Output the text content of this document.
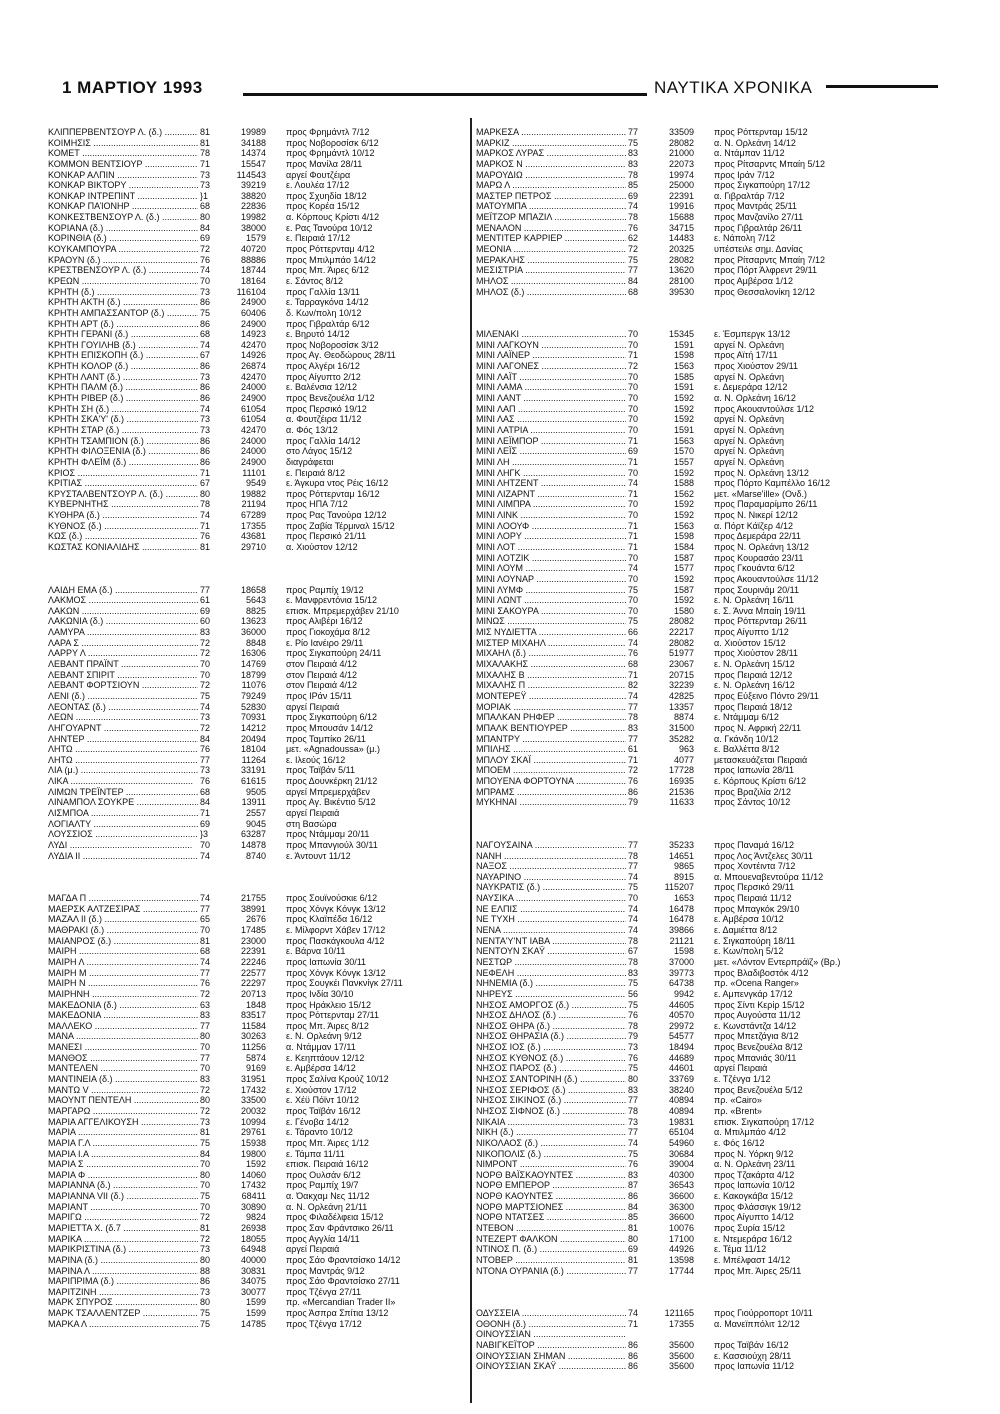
1 ΜΑΡΤΙΟΥ 1993	ΝΑΥΤΙΚΑ ΧΡΟΝΙΚΑ
ΚΛΙΠΠΕΡΒΕΝΤΣΟΥΡ Λ. (δ.) .....	81	19989 προς Φρημάντλ 7/12
ΚΟΙΜΗΣΙΣ .....	81	34188 προς Νοβοροσίσκ 6/12
ΚΟΜΕΤ .....	78	14374 προς Φρημάντλ 10/12
ΚΟΜΜΟΝ ΒΕΝΤΣΙΟΥΡ .....	71	15547 προς Μανίλα 28/11
ΚΟΝΚΑΡ ΑΛΠΙΝ .....	73	114543 αργεί Φουτζέιρα
ΚΟΝΚΑΡ ΒΙΚΤΟΡΥ .....	73	39219 ε. Λουλέα 17/12
ΚΟΝΚΑΡ ΙΝΤΡΕΠΙΝΤ .....	}1	38820 προς Σχυηδία 18/12
ΚΟΝΚΑΡ ΠΑΊΟΝΗΡ .....	68	22836 προς Κορέα 15/12
ΚΟΝΚΕΣΤΒΕΝΣΟΥΡ Λ. (δ.) .....	80	19982 α. Κόρπους Κρίστι 4/12
ΚΟΡΙΑΝΑ (δ.) .....	84	38000 ε. Ρας Τανούρα 10/12
ΚΟΡΙΝΘΙΑ (δ.) .....	69	1579 ε. Πειραιά 17/12
ΚΟΥΚΑΜΠΟΥΡΑ .....	72	40720 προς Ρόττερνταμ 4/12
ΚΡΑΟΥΝ (δ.) .....	76	88886 προς Μπιλμπάο 14/12
ΚΡΕΣΤΒΕΝΣΟΥΡ Λ. (δ.) .....	74	18744 προς Μπ. Άιρες 6/12
ΚΡΕΩΝ .....	70	18164 ε. Σάντος 8/12
ΚΡΗΤΗ (δ.) .....	73	116104 προς Γαλλία 13/11
ΚΡΗΤΗ ΑΚΤΗ (δ.) .....	86	24900 ε. Ταρραγκόνα 14/12
ΚΡΗΤΗ ΑΜΠΑΣΣΑΝΤΟΡ (δ.) .....	75	60406 δ. Κων/πολη 10/12
ΚΡΗΤΗ ΑΡΤ (δ.) .....	86	24900 προς Γιβραλτάρ 6/12
ΚΡΗΤΗ ΓΕΡΑΝΙ (δ.) .....	68	14923 ε. Βηρυτό 14/12
ΚΡΗΤΗ ΓΟΥΙΛΗΒ (δ.) .....	74	42470 προς Νοβοροσίσκ 3/12
ΚΡΗΤΗ ΕΠΙΣΚΟΠΗ (δ.) .....	67	14926 προς Αγ. Θεοδώρους 28/11
ΚΡΗΤΗ ΚΟΛΟΡ (δ.) .....	86	26874 προς Αλγέρι 16/12
ΚΡΗΤΗ ΛΑΝΤ (δ.) .....	73	42470 προς Αίγυπτο 2/12
ΚΡΗΤΗ ΠΑΛΜ (δ.) .....	86	24000 ε. Βαλένσια 12/12
ΚΡΗΤΗ ΡΙΒΕΡ (δ.) .....	86	24900 προς Βενεζουέλα 1/12
ΚΡΗΤΗ ΣΗ (δ.) .....	74	61054 προς Περσικό 19/12
ΚΡΗΤΗ ΣΚΑ'Υ' (δ.) .....	73	61054 α. Φουτζέιρα 11/12
ΚΡΗΤΗ ΣΤΑΡ (δ.) .....	73	42470 α. Φός 13/12
ΚΡΗΤΗ ΤΣΑΜΠΙΟΝ (δ.) .....	86	24000 προς Γαλλία 14/12
ΚΡΗΤΗ ΦΙΛΟΞΕΝΙΑ (δ.) .....	86	24000 στο Λάγος 15/12
ΚΡΗΤΗ ΦΛΕΪΜ (δ.) .....	86	24900 διαγράφεται
ΚΡΙΟΣ .....	71	11101 ε. Πειραιά 8/12
ΚΡΙΤΙΑΣ .....	67	9549 ε. Άγκυρα ντος Ρέις 16/12
ΚΡΥΣΤΑΛΒΕΝΤΣΟΥΡ Λ. (δ.) .....	80	19882 προς Ρόττερνταμ 16/12
ΚΥΒΕΡΝΗΤΗΣ .....	78	21194 προς ΗΠΑ 7/12
ΚΥΘΗΡΑ (δ.) .....	74	67289 προς Ρας Τανούρα 12/12
ΚΥΘΝΟΣ (δ.) .....	71	17355 προς Ζαβία Τέρμιναλ 15/12
ΚΩΣ (δ.) .....	76	43681 προς Περσικό 21/11
ΚΩΣΤΑΣ ΚΟΝΙΑΛΙΔΗΣ .....	81	29710 α. Χιούστον 12/12
ΛΑΙΔΗ ΕΜΑ (δ.) .....	77	18658 προς Ραμπίχ 19/12
ΛΑΚΜΟΣ .....	61	5643 ε. Μανφρεντόνια 15/12
ΛΑΚΩΝ .....	69	8825 επισκ. Μπρεμερχάβεν 21/10
ΛΑΚΩΝΙΑ (δ.) .....	60	13623 προς Αλιβέρι 16/12
ΛΑΜΥΡΑ .....	83	36000 προς Γιοκοχάμα 8/12
ΛΑΡΑ Σ .....	72	8848 ε. Ρίο Ιανέιρο 29/11
ΛΑΡΡΥ Λ .....	72	16306 προς Σιγκαπούρη 24/11
ΛΕΒΑΝΤ ΠΡΑΪΝΤ .....	70	14769 στον Πειραιά 4/12
ΛΕΒΑΝΤ ΣΠΙΡΙΤ .....	70	18799 στον Πειραιά 4/12
ΛΕΒΑΝΤ ΦΟΡΤΣΙΟΥΝ .....	72	11076 στον Πειραιά 4/12
ΛΕΝΙ (δ.) .....	75	79249 προς ΙΡάν 15/11
ΛΕΟΝΤΑΣ (δ.) .....	74	52830 αργεί Πειραιά
ΛΕΩΝ .....	73	70931 προς Σιγκαπούρη 6/12
ΛΗΓΟΥΑΡΝΤ .....	72	14212 προς Μπουσάν 14/12
ΛΗΝΤΕΡ .....	84	20494 προς Ταμπίκο 26/11
ΛΗΤΩ .....	76	18104 μετ. «Agnadoussa» (μ.)
ΛΗΤΩ .....	77	11264 ε. Ιλεούς 16/12
ΛΙΑ (μ.) .....	73	33191 προς Ταϊβάν 5/11
ΛΙΚΑ .....	76	61615 προς Δουνκέρκη 21/12
ΛΙΜΩΝ ΤΡΕΪΝΤΕΡ .....	68	9505 αργεί Μπρεμερχάβεν
ΛΙΝΑΜΠΟΛ ΣΟΥΚΡΕ .....	84	13911 προς Αγ. Βικέντιο 5/12
ΛΙΣΜΠΟΑ .....	71	2557 αργεί Πειραιά
ΛΟΓΙΑΛΤΥ .....	69	9045 στη Βασώρα
ΛΟΥΣΣΙΟΣ .....	}3	63287 προς Ντάμμαμ 20/11
ΛΥΔΙ .....	70	14878 προς Μπανγιούλ 30/11
ΛΥΔΙΑ ΙΙ .....	74	8740 ε. Άντουντ 11/12
ΜΑΓΔΑ Π .....	74	21755 προς Σουϊνούσκιε 6/12
ΜΑΕΡΣΚ ΑΛΤΖΕΣΙΡΑΣ .....	77	38991 προς Χόνγκ Κόνγκ 13/12
ΜΑΖΑΛ ΙΙ (δ.) .....	65	2676 προς Κλαϊπέδα 16/12
ΜΑΘΡΑΚΙ (δ.) .....	70	17485 ε. Μίλφορντ Χάβεν 17/12
ΜΑΙΑΝΡΟΣ (δ.) .....	81	23000 προς Πασκάγκουλα 4/12
ΜΑΙΡΗ .....	68	22391 ε. Βάρνα 10/11
ΜΑΙΡΗ Λ .....	74	22246 προς Ιαπωνία 30/11
ΜΑΙΡΗ Μ .....	77	22577 προς Χόνγκ Κόνγκ 13/12
ΜΑΙΡΗ Ν .....	76	22297 προς Σουγκέι Πανκνίγκ 27/11
ΜΑΙΡΗΝΗ .....	72	20713 προς Ινδία 30/10
ΜΑΚΕΔΟΝΙΑ (δ.) .....	63	1848 προς Ηράκλειο 15/12
ΜΑΚΕΔΟΝΙΑ .....	83	83517 προς Ρόττερνταμ 27/11
ΜΑΛΛΕΚΟ .....	77	11584 προς Μπ. Άιρες 8/12
ΜΑΝΑ .....	80	30263 ε. Ν. Ορλεάνη 9/12
ΜΑΝΕΣΙ .....	70	11256 α. Ντάμμαν 17/11
ΜΑΝΘΟΣ .....	77	5874 ε. Κεηπτάουν 12/12
ΜΑΝΤΕΛΕΝ .....	70	9169 ε. Αμβέρσα 14/12
ΜΑΝΤΙΝΕΙΑ (δ.) .....	83	31951 προς Σαλίνα Κρούζ 10/12
ΜΑΝΤΩ V .....	72	17432 ε. Χιούστον 17/12
ΜΑΟΥΝΤ ΠΕΝΤΕΛΗ .....	80	33500 ε. Χέϋ Πόϊντ 10/12
ΜΑΡΓΑΡΩ .....	72	20032 προς Ταϊβάν 16/12
ΜΑΡΙΑ ΑΓΓΕΛΙΚΟΥΣΗ .....	73	10994 ε. Γένοβα 14/12
ΜΑΡΙΑ .....	81	29761 ε. Τάραντο 10/12
ΜΑΡΙΑ Γ.Λ .....	75	15938 προς Μπ. Άιρες 1/12
ΜΑΡΙΑ Ι.Α .....	84	19800 ε. Τάμπα 11/11
ΜΑΡΙΑ Σ .....	70	1592 επισκ. Πειραιά 16/12
ΜΑΡΙΑ Φ .....	80	14060 προς Ουλσάν 6/12
ΜΑΡΙΑΝΝΑ (δ.) .....	70	17432 προς Ραμπίχ 19/7
ΜΑΡΙΑΝΝΑ VII (δ.) .....	75	68411 α. Όακχαμ Νες 11/12
ΜΑΡΙΑΝΤ .....	70	30890 α. Ν. Ορλεάνη 21/11
ΜΑΡΙΓΩ .....	72	9824 προς Φιλαδέλφεια 15/12
ΜΑΡΙΕΤΤΑ Χ. (δ.7 .....	81	26938 προς Σαν Φράντσικο 26/11
ΜΑΡΙΚΑ .....	72	18055 προς Αγγλία 14/11
ΜΑΡΙΚΡΙΣΤΙΝΑ (δ.) .....	73	64948 αργεί Πειραιά
ΜΑΡΙΝΑ (δ.) .....	80	40000 προς Σάο Φραντσίσκο 14/12
ΜΑΡΙΝΑ Λ .....	88	30831 προς Μαντράς 9/12
ΜΑΡΙΠΡΙΜΑ (δ.) .....	86	34075 προς Σάο Φραντσίσκο 27/11
ΜΑΡΙΤΖΙΝΗ .....	73	30077 προς Τζένγα 27/11
ΜΑΡΚ ΣΠΥΡΟΣ .....	80	1599 πρ. «Mercandian Trader II»
ΜΑΡΚ ΤΣΑΛΛΕΝΤΖΕΡ .....	75	1599 προς Άσπρα Σπίτια 13/12
ΜΑΡΚΑ Λ .....	75	14785 προς Τζένγα 17/12
ΜΑΡΚΕΣΑ .....	77	33509 προς Ρόττερνταμ 15/12
ΜΑΡΚΙΖ .....	75	28082 α. Ν. Ορλεάνη 14/12
ΜΑΡΚΟΣ ΛΥΡΑΣ .....	83	21000 α. Ντάμπαν 11/12
ΜΑΡΚΟΣ Ν .....	83	22073 προς Ρίτσαρντς Μπαίη 5/12
ΜΑΡΟΥΔΙΩ .....	78	19974 προς Ιράν 7/12
ΜΑΡΩ Λ .....	85	25000 προς Σιγκαπούρη 17/12
ΜΑΣΤΕΡ ΠΕΤΡΟΣ .....	69	22391 α. Γιβραλτάρ 7/12
ΜΑΤΟΥΜΠΑ .....	74	19916 προς Μαντράς 25/11
ΜΕΪΤΖΟΡ ΜΠΑΖΙΛ .....	78	15688 προς Μανζανίλο 27/11
ΜΕΝΑΛΟΝ .....	76	34715 προς Γιβραλτάρ 26/11
ΜΕΝΤΙΤΕΡ ΚΑΡΡΙΕΡ .....	62	14483 ε. Νάπολη 7/12
ΜΕΟΝΙΑ .....	72	20325 υπέστειλε σημ. Δανίας
ΜΕΡΑΚΛΗΣ .....	75	28082 προς Ρίτσαρντς Μπαίη 7/12
ΜΕΣΙΣΤΡΙΑ .....	77	13620 προς Πόρτ Άλφρεντ 29/11
ΜΗΛΟΣ .....	84	28100 προς Αμβέρσα 1/12
ΜΗΛΟΣ (δ.) .....	68	39530 προς Θεσσαλονίκη 12/12
ΜΙΛΕΝΑΚΙ .....	70	15345 ε. Έσμπεργκ 13/12
ΜΙΝΙ ΛΑΓΚΟΥΝ .....	70	1591 αργεί Ν. Ορλεάνη
ΜΙΝΙ ΛΑΪΝΕΡ .....	71	1598 προς Αϊτή 17/11
ΜΙΝΙ ΛΑΓΟΝΕΣ .....	72	1563 προς Χιούστον 29/11
ΜΙΝΙ ΛΑΪΤ .....	70	1585 αργεί Ν. Ορλεάνη
ΜΙΝΙ ΛΑΜΑ .....	70	1591 ε. Δεμεράρα 12/12
ΜΙΝΙ ΛΑΝΤ .....	70	1592 α. Ν. Ορλεάνη 16/12
ΜΙΝΙ ΛΑΠ .....	70	1592 προς Ακουαντούλσε 1/12
ΜΙΝΙ ΛΑΣ .....	70	1592 αργεί Ν. Ορλεάνη
ΜΙΝΙ ΛΑΤΡΙΑ .....	70	1591 αργεί Ν. Ορλεάνη
ΜΙΝΙ ΛΕΪΜΠΟΡ .....	71	1563 αργεί Ν. Ορλεάνη
ΜΙΝΙ ΛΕΪΣ .....	69	1570 αργεί Ν. Ορλεάνη
ΜΙΝΙ ΛΗ .....	71	1557 αργεί Ν. Ορλεάνη
ΜΙΝΙ ΛΗΓΚ .....	70	1592 προς Ν. Ορλεάνη 13/12
ΜΙΝΙ ΛΗΤΖΕΝΤ .....	74	1588 προς Πόρτο Καμπέλλο 16/12
ΜΙΝΙ ΛΙΖΑΡΝΤ .....	71	1562 μετ. «Marse'ille» (Ονδ.)
ΜΙΝΙ ΛΙΜΠΡΑ .....	70	1592 προς Παραμαρίμπο 26/11
ΜΙΝΙ ΛΙΝΚ .....	70	1592 προς Ν. Νικερί 12/12
ΜΙΝΙ ΛΟΟΥΦ .....	71	1563 α. Πόρτ Κάϊζερ 4/12
ΜΙΝΙ ΛΟΡΥ .....	71	1598 προς Δεμεράρα 22/11
ΜΙΝΙ ΛΟΤ .....	71	1584 προς Ν. Ορλεάνη 13/12
ΜΙΝΙ ΛΟΤΖΙΚ .....	70	1587 προς Κουρασάο 23/11
ΜΙΝΙ ΛΟΥΜ .....	74	1577 προς Γκουάντα 6/12
ΜΙΝΙ ΛΟΥΝΑΡ .....	70	1592 προς Ακουαντούλσε 11/12
ΜΙΝΙ ΛΥΜΦ .....	75	1587 προς Σουρινάμ 20/11
ΜΙΝΙ ΛΩΝΤ .....	70	1592 ε. Ν. Ορλεάνη 16/11
ΜΙΝΙ ΣΑΚΟΥΡΑ .....	70	1580 ε. Σ. Άννα Μπαίη 19/11
ΜΙΝΩΣ .....	75	28082 προς Ρόττερνταμ 26/11
ΜΙΣ ΝΥΔΙΕΤΤΑ .....	66	22217 προς Αίγυπτο 1/12
ΜΙΣΤΕΡ ΜΙΧΑΗΛ .....	74	28082 α. Χιούστον 15/12
ΜΙΧΑΗΛ (δ.) .....	76	51977 προς Χιούστον 28/11
ΜΙΧΑΛΑΚΗΣ .....	68	23067 ε. Ν. Ορλεάνη 15/12
ΜΙΧΑΛΗΣ Β .....	71	20715 προς Πειραιά 12/12
ΜΙΧΑΛΗΣ Π .....	82	32239 ε. Ν. Ορλεάνη 16/12
ΜΟΝΤΕΡΕΫ .....	74	42825 προς Εύξεινο Πόντο 29/11
ΜΟΡΙΑΚ .....	77	13357 προς Πειραιά 18/12
ΜΠΑΛΚΑΝ ΡΗΦΕΡ .....	78	8874 ε. Ντάμμαμ 6/12
ΜΠΑΛΚ ΒΕΝΤΙΟΥΡΕΡ .....	83	31500 προς Ν. Αφρική 22/11
ΜΠΑΝΤΡΥ .....	77	35282 α. Γκάνδη 10/12
ΜΠΙΛΗΣ .....	61	963 ε. Βαλλέττα 8/12
ΜΠΛΟΥ ΣΚΑΪ .....	71	4077 μετασκευάζεται Πειραιά
ΜΠΟΕΜ .....	72	17728 προς Ιαπωνία 28/11
ΜΠΟΥΕΝΑ ΦΟΡΤΟΥΝΑ .....	76	16935 ε. Κόρπους Κρίστι 6/12
ΜΠΡΑΜΣ .....	86	21536 προς Βραζιλία 2/12
ΜΥΚΗΝΑΙ .....	79	11633 προς Σάντος 10/12
ΝΑΓΟΥΣΑΙΝΑ .....	77	35233 προς Παναμά 16/12
ΝΑΝΗ .....	78	14651 προς Λος Άντζελες 30/11
ΝΑΞΟΣ .....	77	9865 προς Χοντέιντα 7/12
ΝΑΥΑΡΙΝΟ .....	74	8915 α. Μπουεναβεντούρα 11/12
ΝΑΥΚΡΑΤΙΣ (δ.) .....	75	115207 προς Περσικό 29/11
ΝΑΥΣΙΚΑ .....	70	1653 προς Πειραιά 11/12
ΝΕ ΕΛΠΙΣ .....	74	16478 προς Μπαγκόκ 29/10
ΝΕ ΤΥΧΗ .....	74	16478 ε. Αμβέρσα 10/12
ΝΕΝΑ .....	74	39866 ε. Δαμιέττα 8/12
ΝΕΝΤΑ'Υ'ΝΤ ΙΑΒΑ .....	78	21121 ε. Σιγκαπούρη 18/11
ΝΕΝΤΟΥΝ ΣΚΑΫ .....	67	1598 ε. Κων/πολη 5/12
ΝΕΣΤΩΡ .....	78	37000 μετ. «Λόντον Εντερπράϊζ» (Βρ.)
ΝΕΦΕΛΗ .....	83	39773 προς Βλαδιβοστόκ 4/12
ΝΗΝΕΜΙΑ (δ.) .....	75	64738 πρ. «Ocena Ranger»
ΝΗΡΕΥΣ .....	56	9942 ε. Αμπενγκάρ 17/12
ΝΗΣΟΣ ΑΜΟΡΓΟΣ (δ.) .....	75	44605 προς Σίντι Κερίρ 15/12
ΝΗΣΟΣ ΔΗΛΟΣ (δ.) .....	76	40570 προς Αυγούστα 11/12
ΝΗΣΟΣ ΘΗΡΑ (δ.) .....	78	29972 ε. Κωνστάντζα 14/12
ΝΗΣΟΣ ΘΗΡΑΣΙΑ (δ.) .....	79	54577 προς Μπετζάγια 8/12
ΝΗΣΟΣ ΙΟΣ (δ.) .....	73	18494 προς Βενεζουέλα 8/12
ΝΗΣΟΣ ΚΥΘΝΟΣ (δ.) .....	76	44689 προς Μπανιάς 30/11
ΝΗΣΟΣ ΠΑΡΟΣ (δ.) .....	75	44601 αργεί Πειραιά
ΝΗΣΟΣ ΣΑΝΤΟΡΙΝΗ (δ.) .....	80	33769 ε. Τζένγα 1/12
ΝΗΣΟΣ ΣΕΡΙΦΟΣ (δ.) .....	83	38240 προς Βενεζουέλα 5/12
ΝΗΣΟΣ ΣΙΚΙΝΟΣ (δ.) .....	77	40894 πρ. «Cairo»
ΝΗΣΟΣ ΣΙΦΝΟΣ (δ.) .....	78	40894 πρ. «Brent»
ΝΙΚΑΙΑ .....	73	19831 επισκ. Σιγκαπούρη 17/12
ΝΙΚΗ (δ.) .....	77	65104 α. Μπιλμπάο 4/12
ΝΙΚΟΛΑΟΣ (δ.) .....	74	54960 ε. Φός 16/12
ΝΙΚΟΠΟΛΙΣ (δ.) .....	75	30684 προς Ν. Υόρκη 9/12
ΝΙΜΡΟΝΤ .....	76	39004 α. Ν. Ορλεάνη 23/11
ΝΟΡΘ ΒΑΪΣΚΑΟΥΝΤΕΣ .....	83	40300 προς Τζακάρτα 4/12
ΝΟΡΘ ΕΜΠΕΡΟΡ .....	87	36543 προς Ιαπωνία 10/12
ΝΟΡΘ ΚΑΟΥΝΤΕΣ .....	86	36600 ε. Κακογκάβα 15/12
ΝΟΡΘ ΜΑΡΤΣΙΟΝΕΣ .....	84	36300 προς Φλάσσιγκ 19/12
ΝΟΡΘ ΝΤΑΤΣΕΣ .....	85	36600 προς Αίγυπτο 14/12
ΝΤΕΒΟΝ .....	81	10076 προς Συρία 15/12
ΝΤΕΖΕΡΤ ΦΑΛΚΟΝ .....	80	17100 ε. Ντεμεράρα 16/12
ΝΤΙΝΟΣ Π. (δ.) .....	69	44926 ε. Τέμα 11/12
ΝΤΟΒΕΡ .....	81	13598 ε. Μπέλφαστ 14/12
ΝΤΟΝΑ ΟΥΡΑΝΙΑ (δ.) .....	77	17744 προς Μπ. Άιρες 25/11
ΟΔΥΣΣΕΙΑ .....	74	121165 προς Γιούρροπορτ 10/11
ΟΘΟΝΗ (δ.) .....	71	17355 α. Μανεϊππόλιτ 12/12
ΟΙΝΟΥΣΣΙΑΝ .....
ΝΑΒΙΓΚΕΪΤΟΡ .....	86	35600 προς Ταϊβάν 16/12
ΟΙΝΟΥΣΣΙΑΝ ΣΗΜΑΝ .....	86	35600 ε. Κασσιούχη 28/11
ΟΙΝΟΥΣΣΙΑΝ ΣΚΑΫ .....	86	35600 προς Ιαπωνία 11/12
